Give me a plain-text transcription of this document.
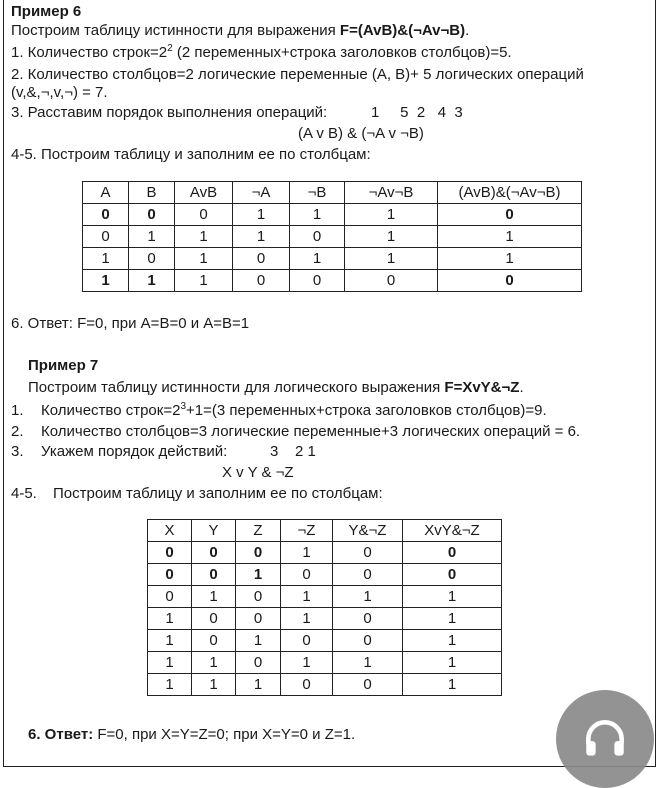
Пример 6
Построим таблицу истинности для выражения F=(AvB)&(¬Av¬B).
1. Количество $строк=2^2$ (2 переменных+строка заголовков столбцов)=5.
2. Количество столбцов=2 логические переменные (A, B)+ 5 логических операций
(v,&,¬,v,¬) = 7.
3. Расставим порядок выполнения операций:	1     5  2   4  3
(A v B) & (¬A v ¬B)
4-5. Построим таблицу и заполним ее по столбцам:
A	B	AvB	¬A	¬B	¬Av¬B	(AvB)&(¬Av¬B)
0	0	0	1	1	1	0
0	1	1	1	0	1	1
1	0	1	0	1	1	1
1	1	1	0	0	0	0
6. Ответ: F=0, при A=B=0 и A=B=1
Пример 7
Построим таблицу истинности для логического выражения F=XvY&¬Z.
1. Количество $строк=2^3+1=(3$ переменных+строка заголовков столбцов)=9.
2. Количество столбцов=3 логические переменные+3 логических операций = 6.
3. Укажем порядок действий:	3    2 1
X v Y & ¬Z
4-5. Построим таблицу и заполним ее по столбцам:
X	Y	Z	¬Z	Y&¬Z	XvY&¬Z
0	0	0	1	0	0
0	0	1	0	0	0
0	1	0	1	1	1
1	0	0	1	0	1
1	0	1	0	0	1
1	1	0	1	1	1
1	1	1	0	0	1
6. Ответ: F=0, при X=Y=Z=0; при X=Y=0 и Z=1.
